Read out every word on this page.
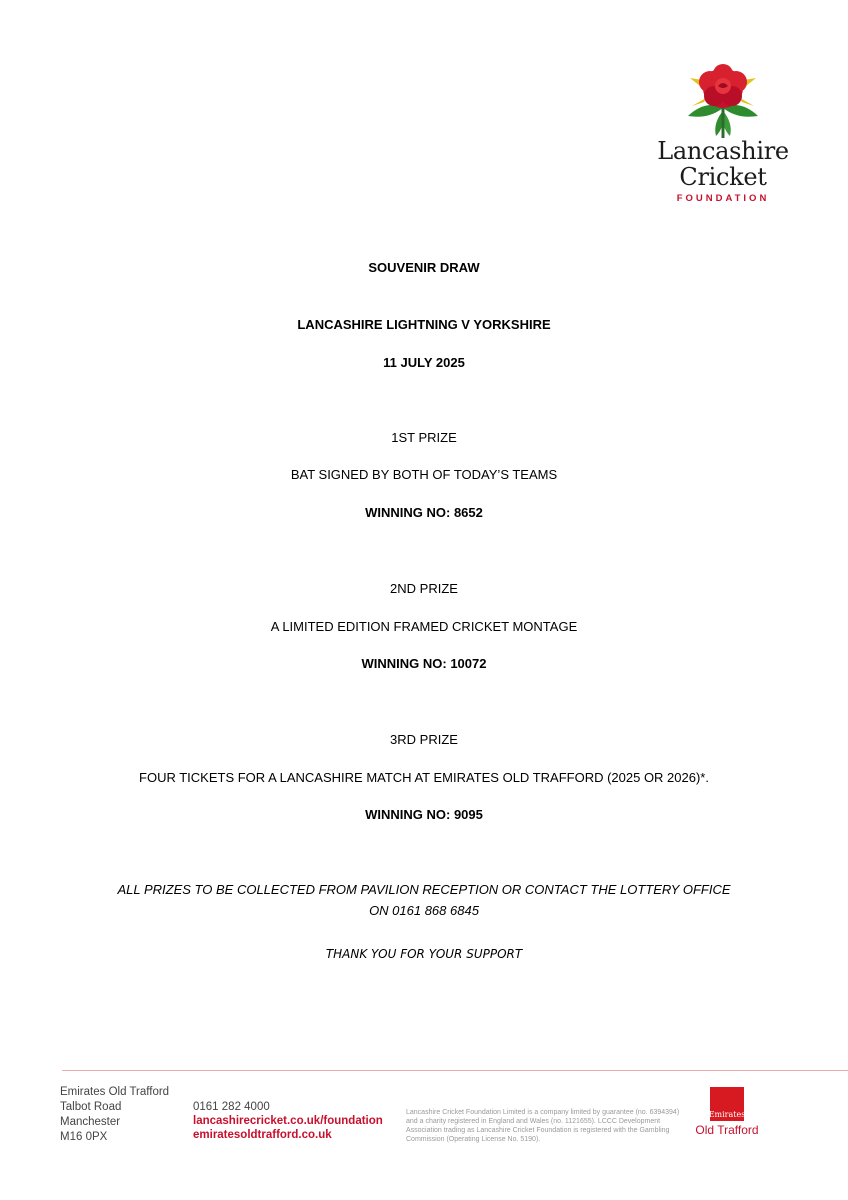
Lancashire
Cricket
FOUNDATION
SOUVENIR DRAW
LANCASHIRE LIGHTNING V YORKSHIRE
11 JULY 2025
1ST PRIZE
BAT SIGNED BY BOTH OF TODAY’S TEAMS
WINNING NO: 8652
2ND PRIZE
A LIMITED EDITION FRAMED CRICKET MONTAGE
WINNING NO: 10072
3RD PRIZE
FOUR TICKETS FOR A LANCASHIRE MATCH AT EMIRATES OLD TRAFFORD (2025 OR 2026)*.
WINNING NO: 9095
ALL PRIZES TO BE COLLECTED FROM PAVILION RECEPTION OR CONTACT THE LOTTERY OFFICE
ON 0161 868 6845
THANK YOU FOR YOUR SUPPORT
Emirates Old Trafford
Talbot Road
Manchester
M16 0PX
0161 282 4000
lancashirecricket.co.uk/foundation
emiratesoldtrafford.co.uk
Lancashire Cricket Foundation Limited is a company limited by guarantee (no. 6394394) and a charity registered in England and Wales (no. 1121655). LCCC Development Association trading as Lancashire Cricket Foundation is registered with the Gambling Commission (Operating License No. 5190).
Emirates
Old Trafford
